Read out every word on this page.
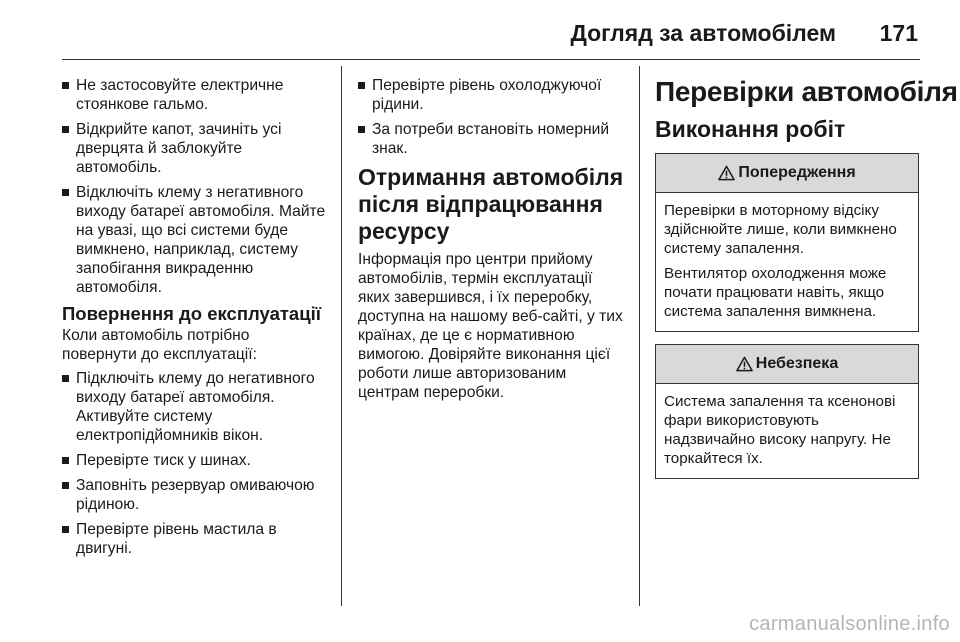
Догляд за автомобілем 171
Не застосовуйте електричне стоянкове гальмо.
Відкрийте капот, зачиніть усі дверцята й заблокуйте автомобіль.
Відключіть клему з негативного виходу батареї автомобіля. Майте на увазі, що всі системи буде вимкнено, наприклад, систему запобігання викраденню автомобіля.
Повернення до експлуатації

Коли автомобіль потрібно повернути до експлуатації:

Підключіть клему до негативного виходу батареї автомобіля. Активуйте систему електропідйомників вікон.
Перевірте тиск у шинах.
Заповніть резервуар омиваючою рідиною.
Перевірте рівень мастила в двигуні.
Перевірте рівень охолоджуючої рідини.
За потреби встановіть номерний знак.
Отримання автомобіля після відпрацювання ресурсу

Інформація про центри прийому автомобілів, термін експлуатації яких завершився, і їх переробку, доступна на нашому веб-сайті, у тих країнах, де це є нормативною вимогою. Довіряйте виконання цієї роботи лише авторизованим центрам переробки.

Перевірки автомобіля
Виконання робіт
Попередження

Перевірки в моторному відсіку здійснюйте лише, коли вимкнено систему запалення.

Вентилятор охолодження може почати працювати навіть, якщо система запалення вимкнена.

Небезпека

Система запалення та ксенонові фари використовують надзвичайно високу напругу. Не торкайтеся їх.

carmanualsonline.info
